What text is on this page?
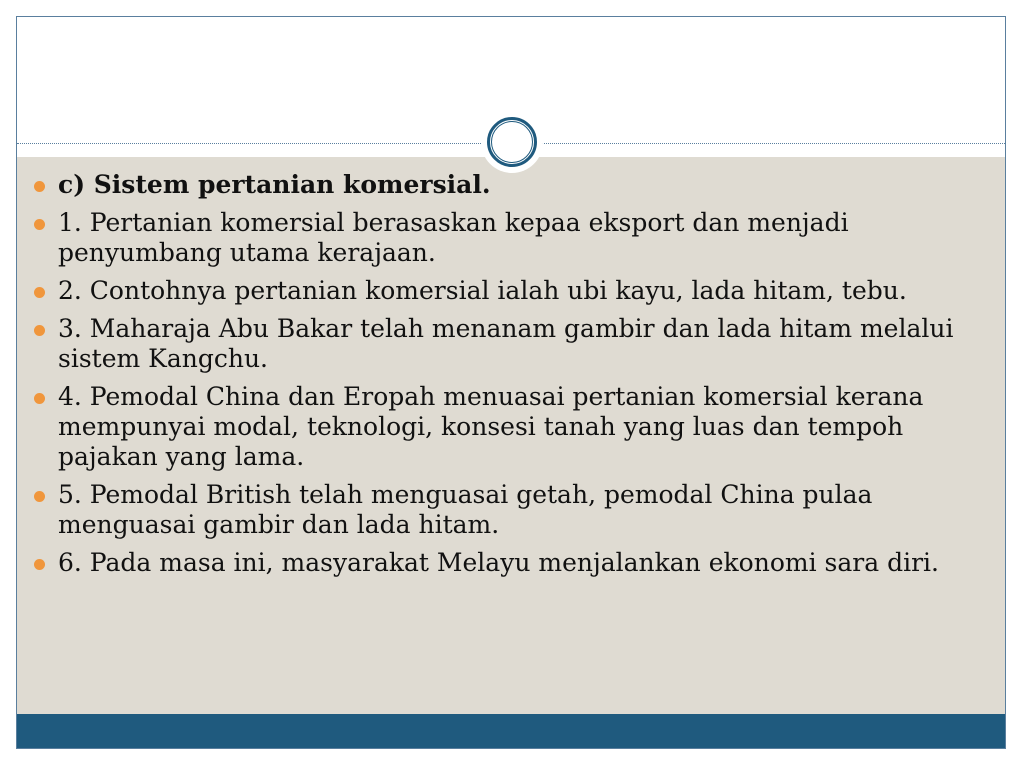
c) Sistem pertanian komersial.
1. Pertanian komersial berasaskan kepaa eksport dan menjadi penyumbang utama kerajaan.
2. Contohnya pertanian komersial ialah ubi kayu, lada hitam, tebu.
3. Maharaja Abu Bakar telah menanam gambir dan lada hitam melalui sistem Kangchu.
4. Pemodal China dan Eropah menuasai pertanian komersial kerana mempunyai modal, teknologi, konsesi tanah yang luas dan tempoh pajakan yang lama.
5. Pemodal British telah menguasai getah, pemodal China pulaa menguasai gambir dan lada hitam.
6. Pada masa ini, masyarakat Melayu menjalankan ekonomi sara diri.
